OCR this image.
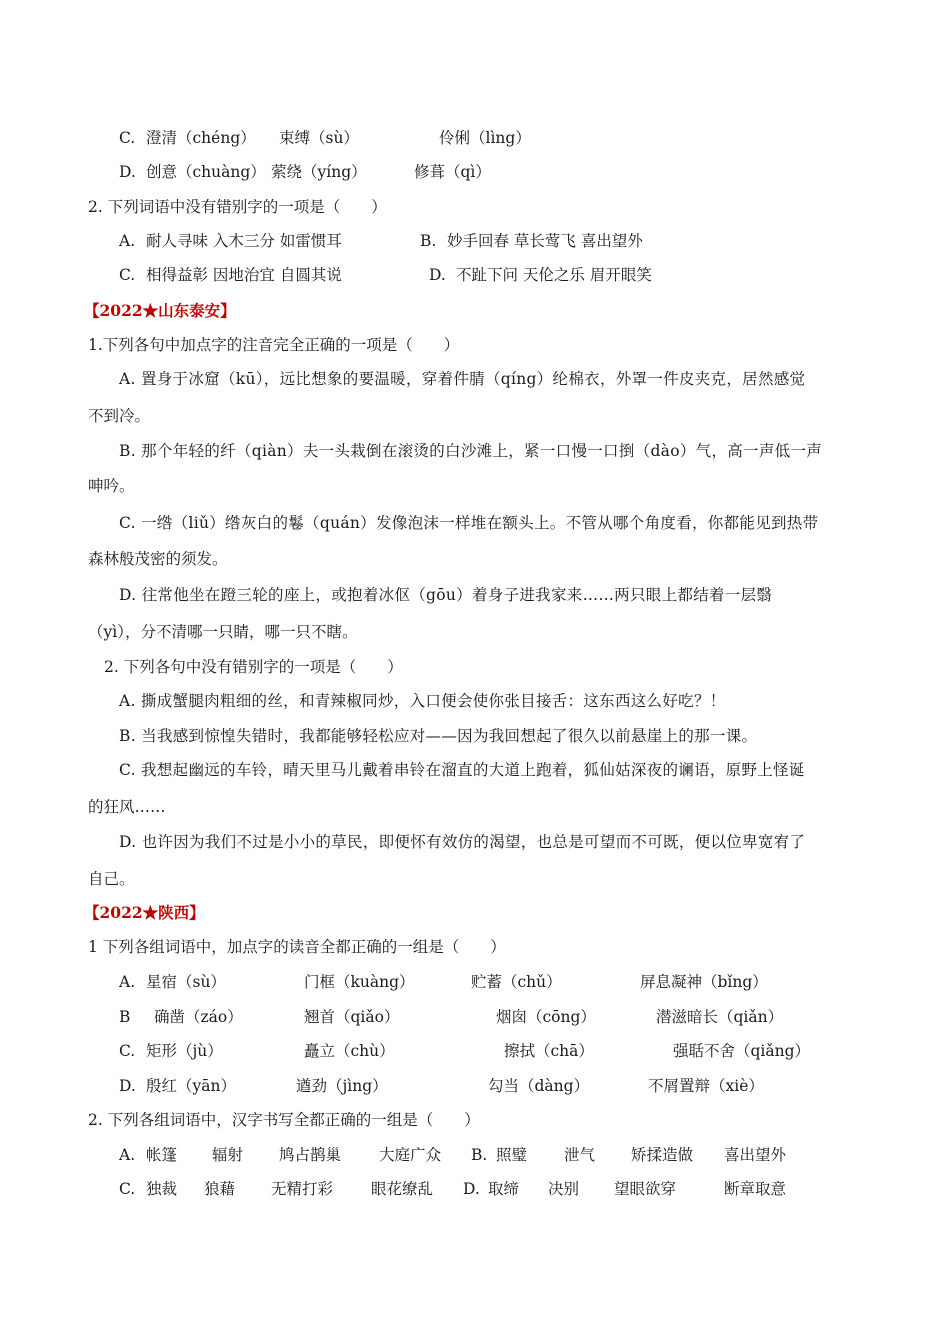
C. 澄清（chéng） 束缚（sù）	伶俐（lìng）
D. 创意（chuàng） 萦绕（yíng）	修葺（qì）
2. 下列词语中没有错别字的一项是（　　）
A. 耐人寻味 入木三分 如雷惯耳	B. 妙手回春 草长莺飞 喜出望外
C. 相得益彰 因地治宜 自圆其说	D. 不趾下问 天伦之乐 眉开眼笑
【2022★山东泰安】
1.下列各句中加点字的注音完全正确的一项是（　　）
A. 置身于冰窟（kū），远比想象的要温暖，穿着件腈（qíng）纶棉衣，外罩一件皮夹克，居然感觉
不到冷。
B. 那个年轻的纤（qiàn）夫一头栽倒在滚烫的白沙滩上，紧一口慢一口捯（dào）气，高一声低一声
呻吟。
C. 一绺（liǔ）绺灰白的鬈（quán）发像泡沫一样堆在额头上。不管从哪个角度看，你都能见到热带
森林般茂密的须发。
D. 往常他坐在蹬三轮的座上，或抱着冰伛（gōu）着身子进我家来……两只眼上都结着一层翳
（yì），分不清哪一只睛，哪一只不瞎。
2. 下列各句中没有错别字的一项是（　　）
A. 撕成蟹腿肉粗细的丝，和青辣椒同炒，入口便会使你张目接舌：这东西这么好吃？！
B. 当我感到惊惶失错时，我都能够轻松应对——因为我回想起了很久以前悬崖上的那一课。
C. 我想起幽远的车铃，晴天里马儿戴着串铃在溜直的大道上跑着，狐仙姑深夜的谰语，原野上怪诞
的狂风……
D. 也许因为我们不过是小小的草民，即便怀有效仿的渴望，也总是可望而不可既，便以位卑宽宥了
自己。
【2022★陕西】
1 下列各组词语中，加点字的读音全都正确的一组是（　　）
A. 星宿（sù）	门框（kuàng）	贮蓄（chǔ）	屏息凝神（bǐng）
B 确凿（záo）	翘首（qiǎo）	烟囱（cōng）	潜滋暗长（qiǎn）
C. 矩形（jù）	矗立（chù）	擦拭（chā）	强聒不舍（qiǎng）
D. 殷红（yān）	遒劲（jìng）	勾当（dàng）	不屑置辩（xiè）
2. 下列各组词语中，汉字书写全都正确的一组是（　　）
A. 帐篷 辐射 鸠占鹊巢 大庭广众 B. 照璧 泄气 矫揉造做 喜出望外
C. 独裁 狼藉 无精打彩 眼花缭乱 D. 取缔 决别 望眼欲穿	断章取意
